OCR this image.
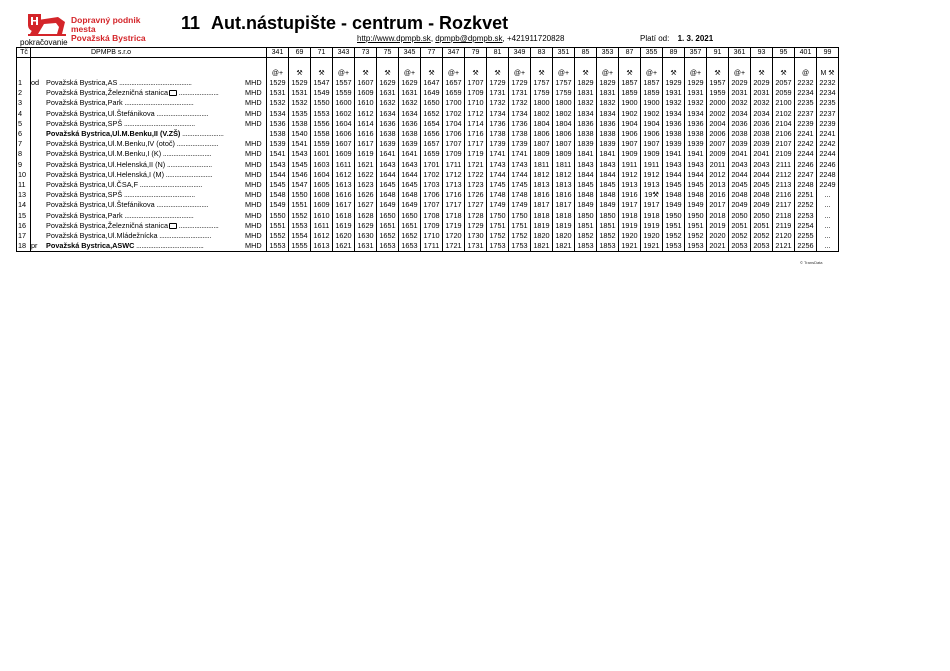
Dopravný podnik mesta
Považská Bystrica
11 Aut.nástupište - centrum - Rozkvet
pokračovanie	http://www.dpmpb.sk, dpmpb@dpmpb.sk, +421911720828	Platí od: 1. 3. 2021
Tč	DPMPB s.r.o			341	69	71	343	73	75	345	77	347	79	81	349	83	351	85	353	87	355	89	357	91	361	93	95	401	99
				@+	⚒	⚒	@+	⚒	⚒	@+	⚒	@+	⚒	⚒	@+	⚒	@+	⚒	@+	⚒	@+	⚒	@+	⚒	@+	⚒	⚒	@	M ⚒
1	od	Považská Bystrica,AS ..........................................	MHD	1529	1529	1547	1557	1607	1629	1629	1647	1657	1707	1729	1729	1757	1757	1829	1829	1857	1857	1929	1929	1957	2029	2029	2057	2232	2232
2		Považská Bystrica,Železničná stanica .......................	MHD	1531	1531	1549	1559	1609	1631	1631	1649	1659	1709	1731	1731	1759	1759	1831	1831	1859	1859	1931	1931	1959	2031	2031	2059	2234	2234
3		Považská Bystrica,Park ........................................	MHD	1532	1532	1550	1600	1610	1632	1632	1650	1700	1710	1732	1732	1800	1800	1832	1832	1900	1900	1932	1932	2000	2032	2032	2100	2235	2235
4		Považská Bystrica,Ul.Štefánikova ..............................	MHD	1534	1535	1553	1602	1612	1634	1634	1652	1702	1712	1734	1734	1802	1802	1834	1834	1902	1902	1934	1934	2002	2034	2034	2102	2237	2237
5		Považská Bystrica,SPŠ .........................................	MHD	1536	1538	1556	1604	1614	1636	1636	1654	1704	1714	1736	1736	1804	1804	1836	1836	1904	1904	1936	1936	2004	2036	2036	2104	2239	2239
6		Považská Bystrica,Ul.M.Benku,II (V.ZŠ) ........................		1538	1540	1558	1606	1616	1638	1638	1656	1706	1716	1738	1738	1806	1806	1838	1838	1906	1906	1938	1938	2006	2038	2038	2106	2241	2241
7		Považská Bystrica,Ul.M.Benku,IV (otoč) ........................	MHD	1539	1541	1559	1607	1617	1639	1639	1657	1707	1717	1739	1739	1807	1807	1839	1839	1907	1907	1939	1939	2007	2039	2039	2107	2242	2242
8		Považská Bystrica,Ul.M.Benku,I (K) ............................	MHD	1541	1543	1601	1609	1619	1641	1641	1659	1709	1719	1741	1741	1809	1809	1841	1841	1909	1909	1941	1941	2009	2041	2041	2109	2244	2244
9		Považská Bystrica,Ul.Helenská,II (N) ..........................	MHD	1543	1545	1603	1611	1621	1643	1643	1701	1711	1721	1743	1743	1811	1811	1843	1843	1911	1911	1943	1943	2011	2043	2043	2111	2246	2246
10		Považská Bystrica,Ul.Helenská,I (M) ...........................	MHD	1544	1546	1604	1612	1622	1644	1644	1702	1712	1722	1744	1744	1812	1812	1844	1844	1912	1912	1944	1944	2012	2044	2044	2112	2247	2248
11		Považská Bystrica,Ul.ČSA,F ....................................	MHD	1545	1547	1605	1613	1623	1645	1645	1703	1713	1723	1745	1745	1813	1813	1845	1845	1913	1913	1945	1945	2013	2045	2045	2113	2248	2249
13		Považská Bystrica,SPŠ .........................................	MHD	1548	1550	1608	1616	1626	1648	1648	1706	1716	1726	1748	1748	1816	1816	1848	1848	1916	19⚒	1948	1948	2016	2048	2048	2116	2251	...
14		Považská Bystrica,Ul.Štefánikova ..............................	MHD	1549	1551	1609	1617	1627	1649	1649	1707	1717	1727	1749	1749	1817	1817	1849	1849	1917	1917	1949	1949	2017	2049	2049	2117	2252	...
15		Považská Bystrica,Park ........................................	MHD	1550	1552	1610	1618	1628	1650	1650	1708	1718	1728	1750	1750	1818	1818	1850	1850	1918	1918	1950	1950	2018	2050	2050	2118	2253	...
16		Považská Bystrica,Železničná stanica .......................	MHD	1551	1553	1611	1619	1629	1651	1651	1709	1719	1729	1751	1751	1819	1819	1851	1851	1919	1919	1951	1951	2019	2051	2051	2119	2254	...
17		Považská Bystrica,Ul.Mládežnícka ..............................	MHD	1552	1554	1612	1620	1630	1652	1652	1710	1720	1730	1752	1752	1820	1820	1852	1852	1920	1920	1952	1952	2020	2052	2052	2120	2255	...
18	pr	Považská Bystrica,ASWC .......................................	MHD	1553	1555	1613	1621	1631	1653	1653	1711	1721	1731	1753	1753	1821	1821	1853	1853	1921	1921	1953	1953	2021	2053	2053	2121	2256	...
© TransData
